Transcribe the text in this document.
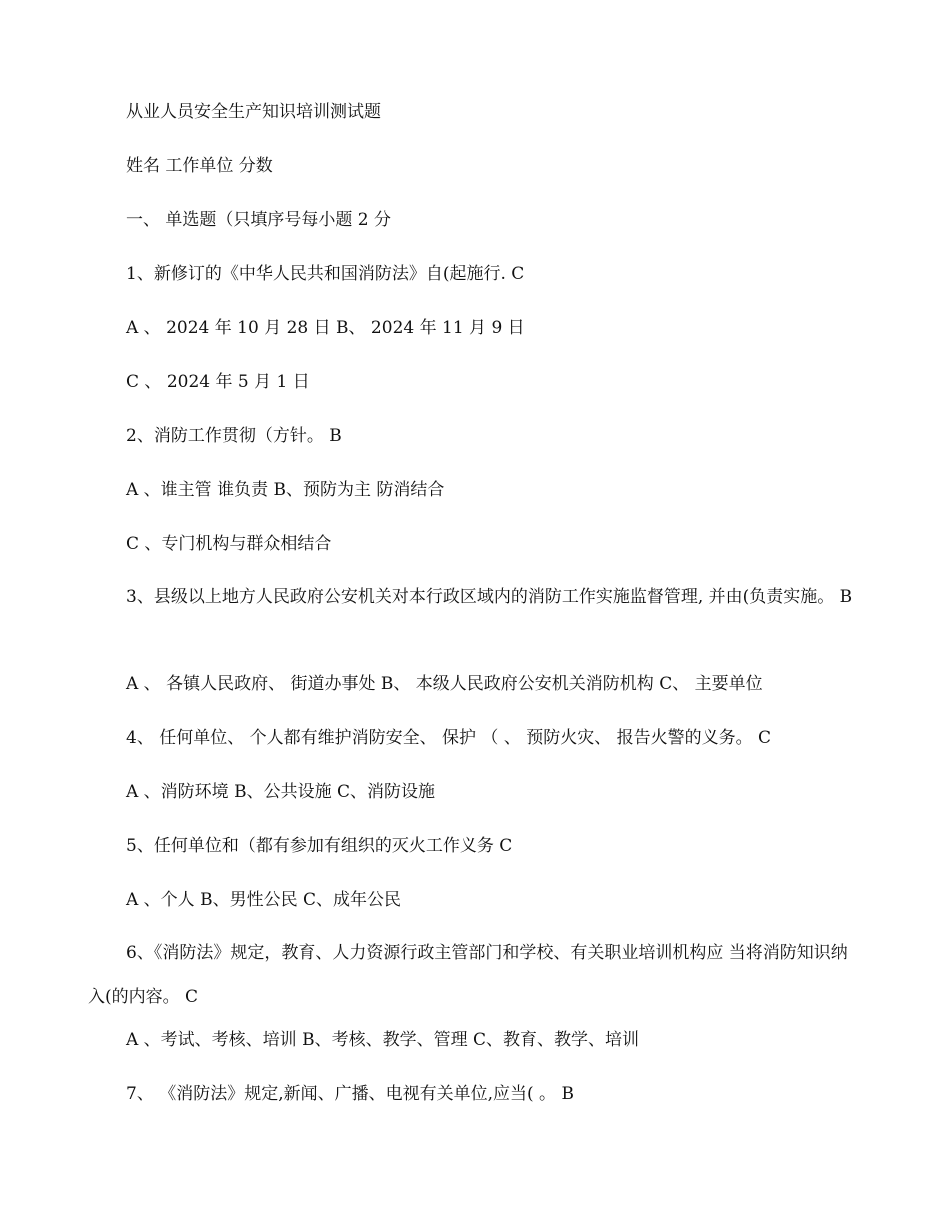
从业人员安全生产知识培训测试题
姓名 工作单位 分数
一、 单选题（只填序号每小题 2 分
1、新修订的《中华人民共和国消防法》自(起施行. C
A 、 2024 年 10 月 28 日 B、 2024 年 11 月 9 日
C 、 2024 年 5 月 1 日
2、消防工作贯彻（方针。 B
A 、谁主管 谁负责 B、预防为主 防消结合
C 、专门机构与群众相结合
3、县级以上地方人民政府公安机关对本行政区域内的消防工作实施监督管理, 并由(负责实施。 B
A 、 各镇人民政府、 街道办事处 B、 本级人民政府公安机关消防机构 C、 主要单位
4、 任何单位、 个人都有维护消防安全、 保护 （ 、 预防火灾、 报告火警的义务。 C
A 、消防环境 B、公共设施 C、消防设施
5、任何单位和（都有参加有组织的灭火工作义务 C
A 、个人 B、男性公民 C、成年公民
6、《消防法》规定，教育、人力资源行政主管部门和学校、有关职业培训机构应 当将消防知识纳入(的内容。 C
A 、考试、考核、培训 B、考核、教学、管理 C、教育、教学、培训
7、 《消防法》规定,新闻、广播、电视有关单位,应当( 。 B
